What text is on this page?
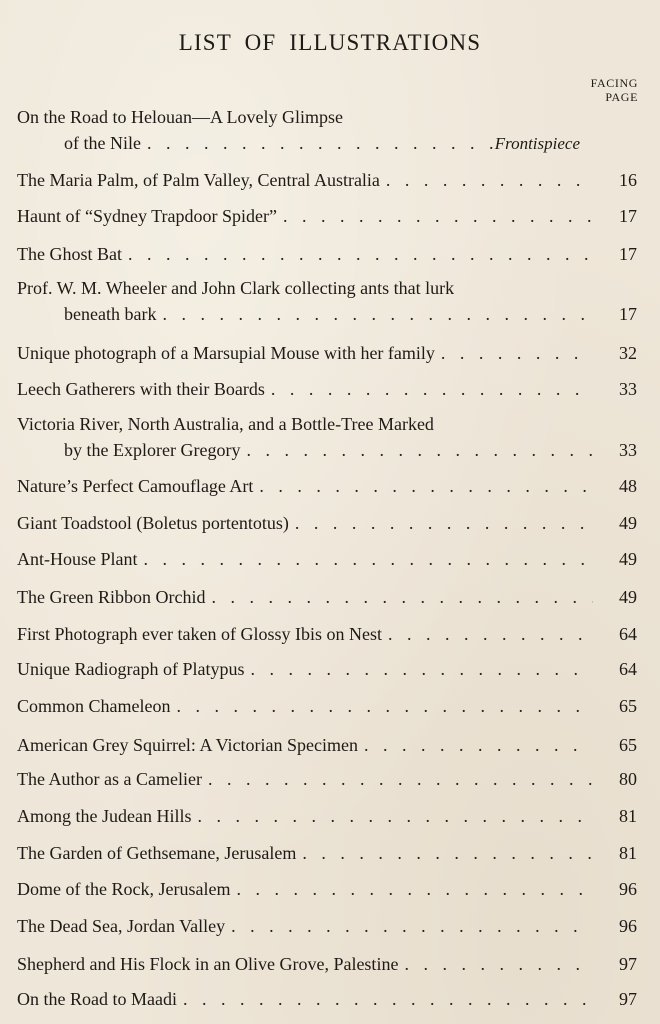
LIST OF ILLUSTRATIONS
FACING
PAGE
On the Road to Helouan—A Lovely Glimpse
of the Nile . . .	Frontispiece
The Maria Palm, of Palm Valley, Central Australia . . .	16
Haunt of “Sydney Trapdoor Spider” . . .	17
The Ghost Bat . . .	17
Prof. W. M. Wheeler and John Clark collecting ants that lurk
beneath bark . . .	17
Unique photograph of a Marsupial Mouse with her family . . .	32
Leech Gatherers with their Boards . . .	33
Victoria River, North Australia, and a Bottle-Tree Marked
by the Explorer Gregory . . .	33
Nature’s Perfect Camouflage Art . . .	48
Giant Toadstool (Boletus portentotus) . . .	49
Ant-House Plant . . .	49
The Green Ribbon Orchid . . .	49
First Photograph ever taken of Glossy Ibis on Nest . . .	64
Unique Radiograph of Platypus . . .	64
Common Chameleon . . .	65
American Grey Squirrel: A Victorian Specimen . . .	65
The Author as a Camelier . . .	80
Among the Judean Hills . . .	81
The Garden of Gethsemane, Jerusalem . . .	81
Dome of the Rock, Jerusalem . . .	96
The Dead Sea, Jordan Valley . . .	96
Shepherd and His Flock in an Olive Grove, Palestine . . .	97
On the Road to Maadi . . .	97
